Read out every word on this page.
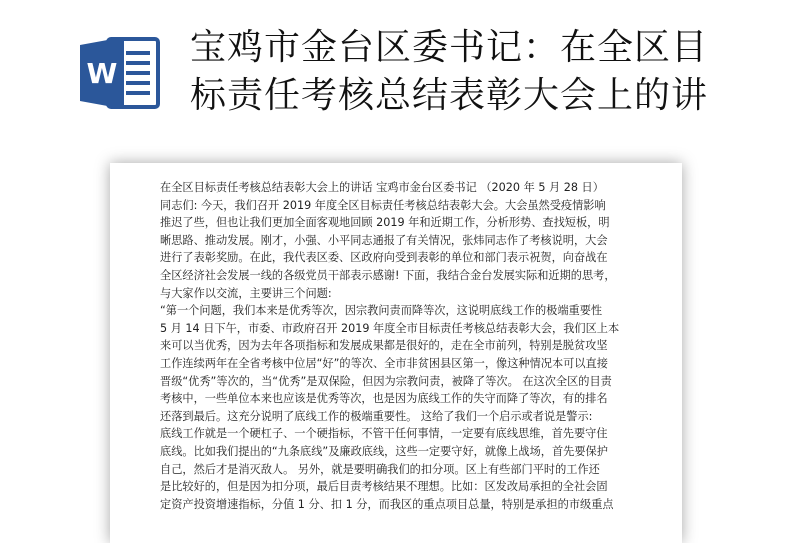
W
宝鸡市金台区委书记：在全区目
标责任考核总结表彰大会上的讲

在全区目标责任考核总结表彰大会上的讲话 宝鸡市金台区委书记 （2020 年 5 月 28 日）

同志们: 今天，我们召开 2019 年度全区目标责任考核总结表彰大会。大会虽然受疫情影响

推迟了些，但也让我们更加全面客观地回顾 2019 年和近期工作，分析形势、查找短板，明

晰思路、推动发展。刚才，小强、小平同志通报了有关情况，张炜同志作了考核说明，大会

进行了表彰奖励。在此，我代表区委、区政府向受到表彰的单位和部门表示祝贺，向奋战在

全区经济社会发展一线的各级党员干部表示感谢! 下面，我结合金台发展实际和近期的思考，

与大家作以交流，主要讲三个问题:

“第一个问题，我们本来是优秀等次，因宗教问责而降等次，这说明底线工作的极端重要性

5 月 14 日下午，市委、市政府召开 2019 年度全市目标责任考核总结表彰大会，我们区上本

来可以当优秀，因为去年各项指标和发展成果都是很好的，走在全市前列，特别是脱贫攻坚

工作连续两年在全省考核中位居“好”的等次、全市非贫困县区第一，像这种情况本可以直接

晋级“优秀”等次的，当“优秀”是双保险，但因为宗教问责，被降了等次。 在这次全区的目责

考核中，一些单位本来也应该是优秀等次，也是因为底线工作的失守而降了等次，有的排名

还落到最后。这充分说明了底线工作的极端重要性。 这给了我们一个启示或者说是警示:

底线工作就是一个硬杠子、一个硬指标，不管干任何事情，一定要有底线思维，首先要守住

底线。比如我们提出的“九条底线”及廉政底线，这些一定要守好，就像上战场，首先要保护

自己，然后才是消灭敌人。 另外，就是要明确我们的扣分项。区上有些部门平时的工作还

是比较好的，但是因为扣分项，最后目责考核结果不理想。比如：区发改局承担的全社会固

定资产投资增速指标，分值 1 分、扣 1 分，而我区的重点项目总量，特别是承担的市级重点
